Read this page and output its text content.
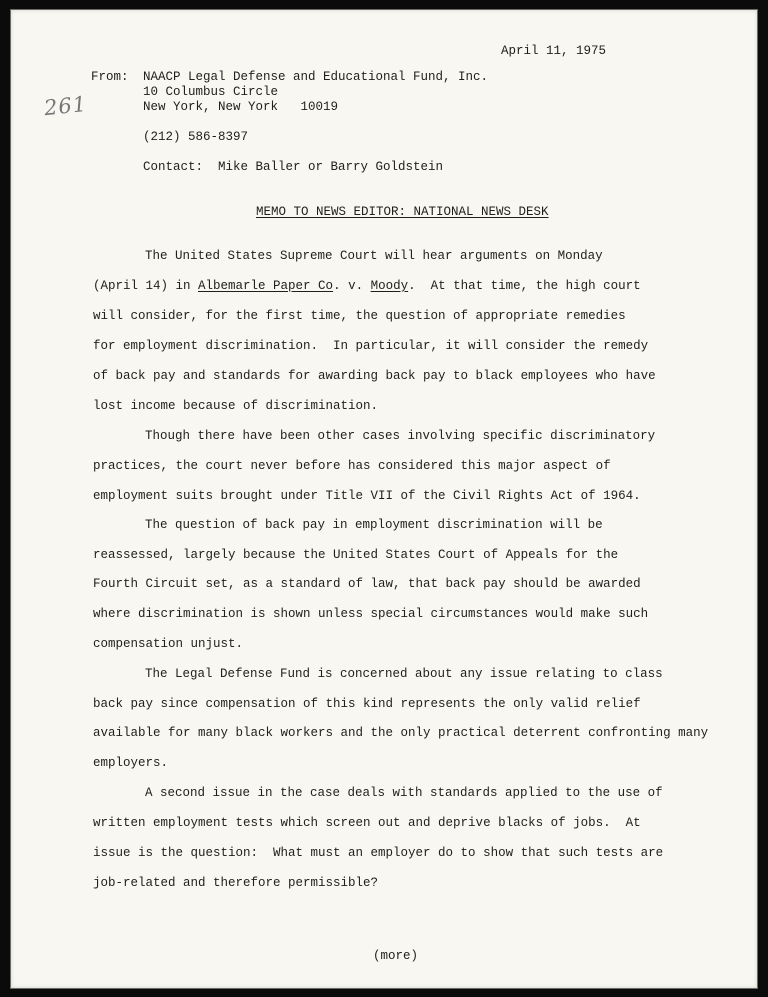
261
April 11, 1975
From: NAACP Legal Defense and Educational Fund, Inc.
10 Columbus Circle
New York, New York   10019
(212) 586-8397
Contact: Mike Baller or Barry Goldstein
MEMO TO NEWS EDITOR: NATIONAL NEWS DESK
The United States Supreme Court will hear arguments on Monday
(April 14) in Albemarle Paper Co. v. Moody.  At that time, the high court
will consider, for the first time, the question of appropriate remedies
for employment discrimination.  In particular, it will consider the remedy
of back pay and standards for awarding back pay to black employees who have
lost income because of discrimination.
Though there have been other cases involving specific discriminatory
practices, the court never before has considered this major aspect of
employment suits brought under Title VII of the Civil Rights Act of 1964.
The question of back pay in employment discrimination will be
reassessed, largely because the United States Court of Appeals for the
Fourth Circuit set, as a standard of law, that back pay should be awarded
where discrimination is shown unless special circumstances would make such
compensation unjust.
The Legal Defense Fund is concerned about any issue relating to class
back pay since compensation of this kind represents the only valid relief
available for many black workers and the only practical deterrent confronting many
employers.
A second issue in the case deals with standards applied to the use of
written employment tests which screen out and deprive blacks of jobs.  At
issue is the question:  What must an employer do to show that such tests are
job-related and therefore permissible?
(more)
